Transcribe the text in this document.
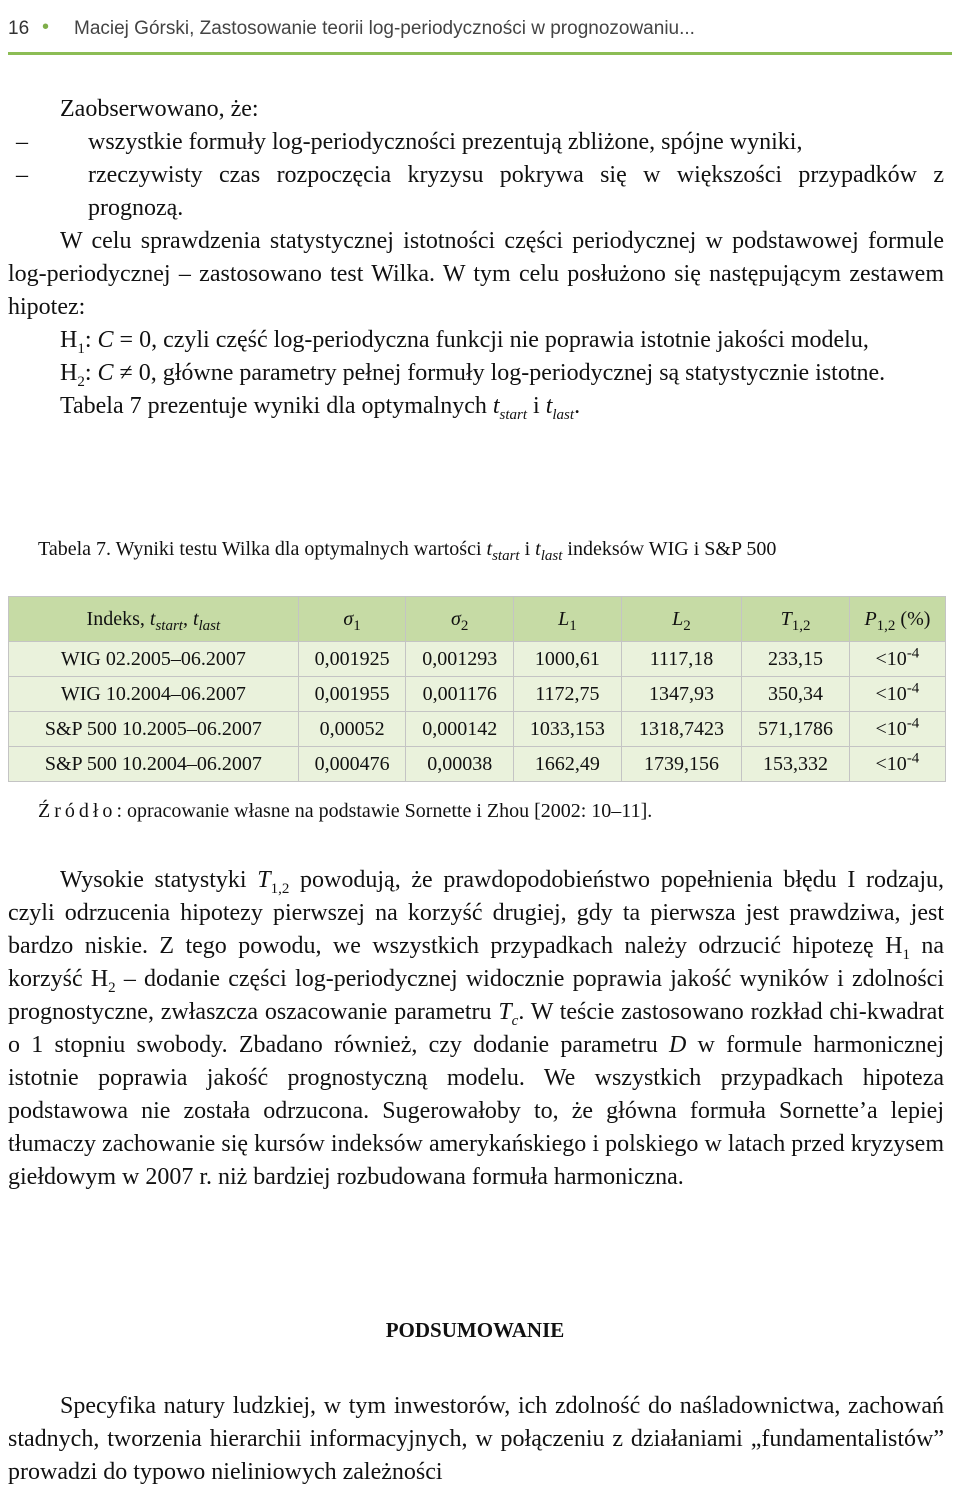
16 • Maciej Górski, Zastosowanie teorii log-periodyczności w prognozowaniu...

Zaobserwowano, że:

–	wszystkie formuły log-periodyczności prezentują zbliżone, spójne wyniki,

–	rzeczywisty czas rozpoczęcia kryzysu pokrywa się w większości przypadków z prognozą.

W celu sprawdzenia statystycznej istotności części periodycznej w podstawowej formule log-periodycznej – zastosowano test Wilka. W tym celu posłużono się następującym zestawem hipotez:

$H_1$: C = 0, czyli część log-periodyczna funkcji nie poprawia istotnie jakości modelu,

$H_2$: C ≠ 0, główne parametry pełnej formuły log-periodycznej są statystycznie istotne.

Tabela 7 prezentuje wyniki dla optymalnych $t_{start}$ i $t_{last}$.

Tabela 7. Wyniki testu Wilka dla optymalnych wartości $t_{start}$ i $t_{last}$ indeksów WIG i S&P 500
Indeks, $t_{start}$, $t_{last}$	$\sigma_1$	$\sigma_2$	$L_1$	$L_2$	$T_{1,2}$	$P_{1,2}$ (%)
WIG 02.2005–06.2007	0,001925	0,001293	1000,61	1117,18	233,15	$<10^{-4}$
WIG 10.2004–06.2007	0,001955	0,001176	1172,75	1347,93	350,34	$<10^{-4}$
S&P 500 10.2005–06.2007	0,00052	0,000142	1033,153	1318,7423	571,1786	$<10^{-4}$
S&P 500 10.2004–06.2007	0,000476	0,00038	1662,49	1739,156	153,332	$<10^{-4}$
Źródło: opracowanie własne na podstawie Sornette i Zhou [2002: 10–11].

Wysokie statystyki $T_{1,2}$ powodują, że prawdopodobieństwo popełnienia błędu I rodzaju, czyli odrzucenia hipotezy pierwszej na korzyść drugiej, gdy ta pierwsza jest prawdziwa, jest bardzo niskie. Z tego powodu, we wszystkich przypadkach należy odrzucić hipotezę $H_1$ na korzyść $H_2$ – dodanie części log-periodycznej widocznie poprawia jakość wyników i zdolności prognostyczne, zwłaszcza oszacowanie parametru $T_c$. W teście zastosowano rozkład chi-kwadrat o 1 stopniu swobody. Zbadano również, czy dodanie parametru D w formule harmonicznej istotnie poprawia jakość prognostyczną modelu. We wszystkich przypadkach hipoteza podstawowa nie została odrzucona. Sugerowałoby to, że główna formuła Sornette’a lepiej tłumaczy zachowanie się kursów indeksów amerykańskiego i polskiego w latach przed kryzysem giełdowym w 2007 r. niż bardziej rozbudowana formuła harmoniczna.

PODSUMOWANIE

Specyfika natury ludzkiej, w tym inwestorów, ich zdolność do naśladownictwa, zachowań stadnych, tworzenia hierarchii informacyjnych, w połączeniu z działaniami „fundamentalistów” prowadzi do typowo nieliniowych zależności
